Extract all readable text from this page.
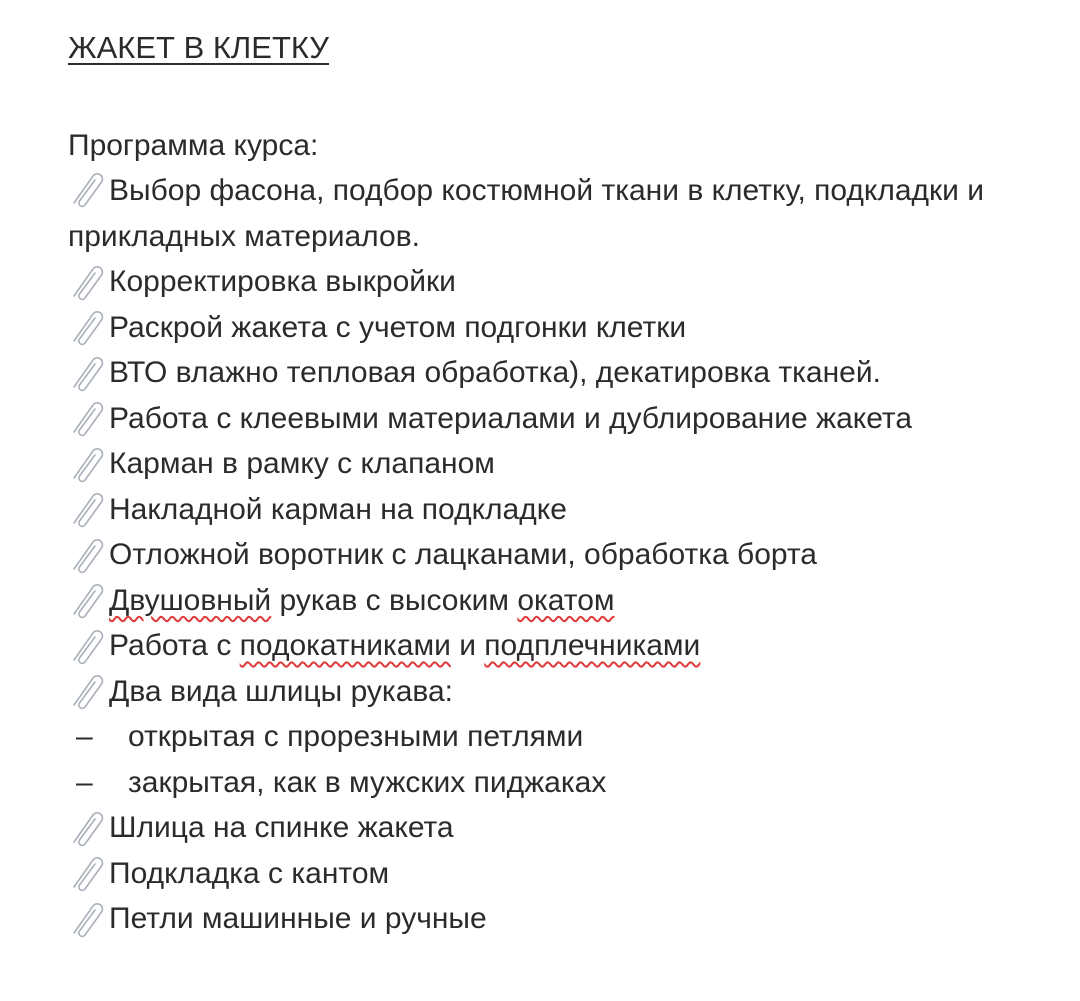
ЖАКЕТ В КЛЕТКУ

Программа курса:

Выбор фасона, подбор костюмной ткани в клетку, подкладки и прикладных материалов.
Корректировка выкройки
Раскрой жакета с учетом подгонки клетки
ВТО влажно тепловая обработка), декатировка тканей.
Работа с клеевыми материалами и дублирование жакета
Карман в рамку с клапаном
Накладной карман на подкладке
Отложной воротник с лацканами, обработка борта
Двушовный рукав с высоким окатом
Работа с подокатниками и подплечниками
Два вида шлицы рукава:
– открытая с прорезными петлями
– закрытая, как в мужских пиджаках
Шлица на спинке жакета
Подкладка с кантом
Петли машинные и ручные
